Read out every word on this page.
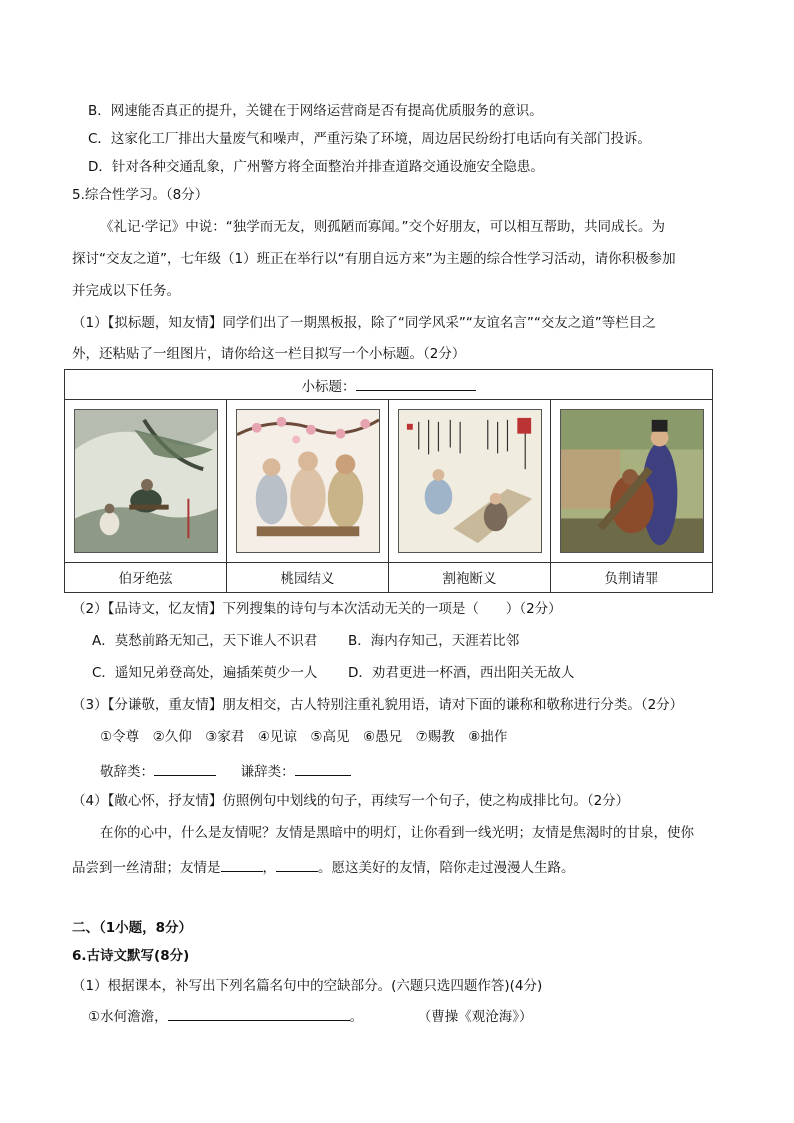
B．网速能否真正的提升，关键在于网络运营商是否有提高优质服务的意识。
C．这家化工厂排出大量废气和噪声，严重污染了环境，周边居民纷纷打电话向有关部门投诉。
D．针对各种交通乱象，广州警方将全面整治并排查道路交通设施安全隐患。
5.综合性学习。（8分）
《礼记·学记》中说：“独学而无友，则孤陋而寡闻。”交个好朋友，可以相互帮助，共同成长。为
探讨“交友之道”，七年级（1）班正在举行以“有朋自远方来”为主题的综合性学习活动，请你积极参加
并完成以下任务。
（1）【拟标题，知友情】同学们出了一期黑板报，除了“同学风采”“友谊名言”“交友之道”等栏目之
外，还粘贴了一组图片，请你给这一栏目拟写一个小标题。（2分）
小标题：			

伯牙绝弦	桃园结义	割袍断义	负荆请罪
（2）【品诗文，忆友情】下列搜集的诗句与本次活动无关的一项是（　　）（2分）
A．莫愁前路无知己，天下谁人不识君 B．海内存知己，天涯若比邻
C．遥知兄弟登高处，遍插茱萸少一人 D．劝君更进一杯酒，西出阳关无故人
（3）【分谦敬，重友情】朋友相交，古人特别注重礼貌用语，请对下面的谦称和敬称进行分类。（2分）
①令尊　②久仰　③家君　④见谅　⑤高见　⑥愚兄　⑦赐教　⑧拙作
敬辞类：	谦辞类：
（4）【敞心怀，抒友情】仿照例句中划线的句子，再续写一个句子，使之构成排比句。（2分）
在你的心中，什么是友情呢？友情是黑暗中的明灯，让你看到一线光明；友情是焦渴时的甘泉，使你
品尝到一丝清甜；友情是	，	。愿这美好的友情，陪你走过漫漫人生路。
二、（1小题，8分）
6.古诗文默写(8分)
（1）根据课本，补写出下列名篇名句中的空缺部分。(六题只选四题作答)(4分)
①水何澹澹，	。	（曹操《观沧海》）
